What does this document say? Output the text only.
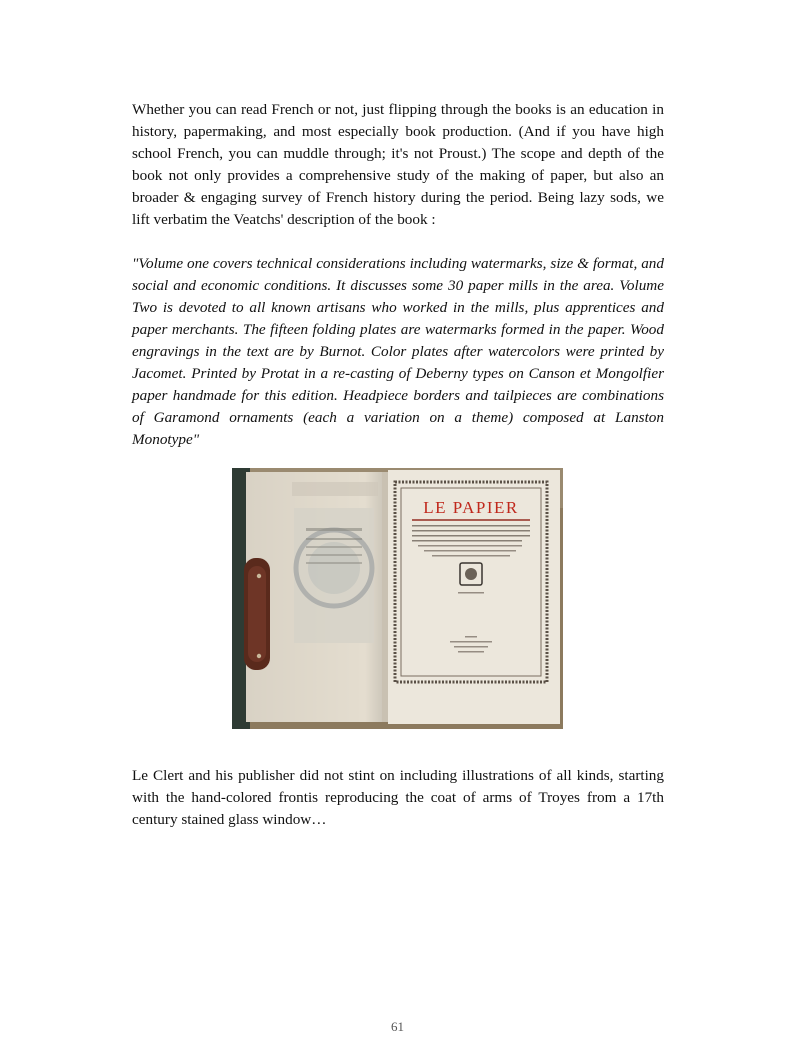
Whether you can read French or not, just flipping through the books is an education in history, papermaking, and most especially book production. (And if you have high school French, you can muddle through; it's not Proust.) The scope and depth of the book not only provides a comprehensive study of the making of paper, but also an broader & engaging survey of French history during the period. Being lazy sods, we lift verbatim the Veatchs' description of the book :

"Volume one covers technical considerations including watermarks, size & format, and social and economic conditions. It discusses some 30 paper mills in the area. Volume Two is devoted to all known artisans who worked in the mills, plus apprentices and paper merchants. The fifteen folding plates are watermarks formed in the paper. Wood engravings in the text are by Burnot. Color plates after watercolors were printed by Jacomet. Printed by Protat in a re-casting of Deberny types on Canson et Mongolfier paper handmade for this edition. Headpiece borders and tailpieces are combinations of Garamond ornaments (each a variation on a theme) composed at Lanston Monotype"

LE PAPIER

Le Clert and his publisher did not stint on including illustrations of all kinds, starting with the hand-colored frontis reproducing the coat of arms of Troyes from a 17th century stained glass window…

61
